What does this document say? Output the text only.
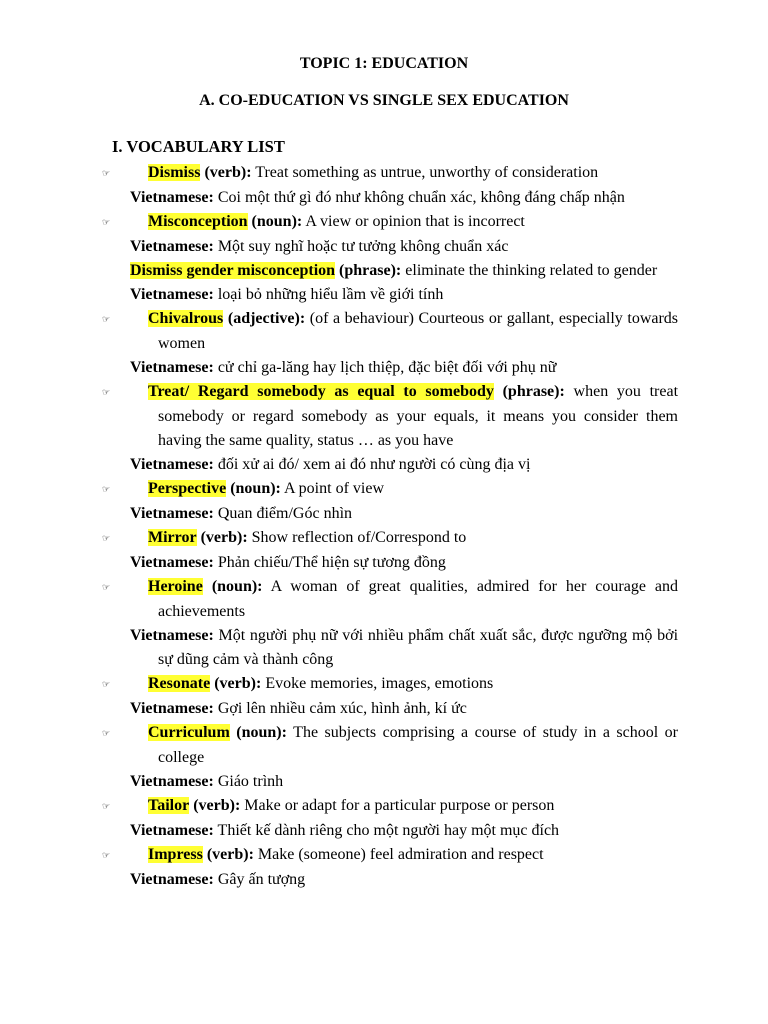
TOPIC 1: EDUCATION
A. CO-EDUCATION VS SINGLE SEX EDUCATION
I. VOCABULARY LIST
☞ Dismiss (verb): Treat something as untrue, unworthy of consideration
Vietnamese: Coi một thứ gì đó như không chuẩn xác, không đáng chấp nhận
☞ Misconception (noun): A view or opinion that is incorrect
Vietnamese: Một suy nghĩ hoặc tư tưởng không chuẩn xác
Dismiss gender misconception (phrase): eliminate the thinking related to gender
Vietnamese: loại bỏ những hiểu lầm về giới tính
☞ Chivalrous (adjective): (of a behaviour) Courteous or gallant, especially towards women
Vietnamese: cử chỉ ga-lăng hay lịch thiệp, đặc biệt đối với phụ nữ
☞ Treat/ Regard somebody as equal to somebody (phrase): when you treat somebody or regard somebody as your equals, it means you consider them having the same quality, status … as you have
Vietnamese: đối xử ai đó/ xem ai đó như người có cùng địa vị
☞ Perspective (noun): A point of view
Vietnamese: Quan điểm/Góc nhìn
☞ Mirror (verb): Show reflection of/Correspond to
Vietnamese: Phản chiếu/Thể hiện sự tương đồng
☞ Heroine (noun): A woman of great qualities, admired for her courage and achievements
Vietnamese: Một người phụ nữ với nhiều phẩm chất xuất sắc, được ngưỡng mộ bởi sự dũng cảm và thành công
☞ Resonate (verb): Evoke memories, images, emotions
Vietnamese: Gợi lên nhiều cảm xúc, hình ảnh, kí ức
☞ Curriculum (noun): The subjects comprising a course of study in a school or college
Vietnamese: Giáo trình
☞ Tailor (verb): Make or adapt for a particular purpose or person
Vietnamese: Thiết kế dành riêng cho một người hay một mục đích
☞ Impress (verb): Make (someone) feel admiration and respect
Vietnamese: Gây ấn tượng
